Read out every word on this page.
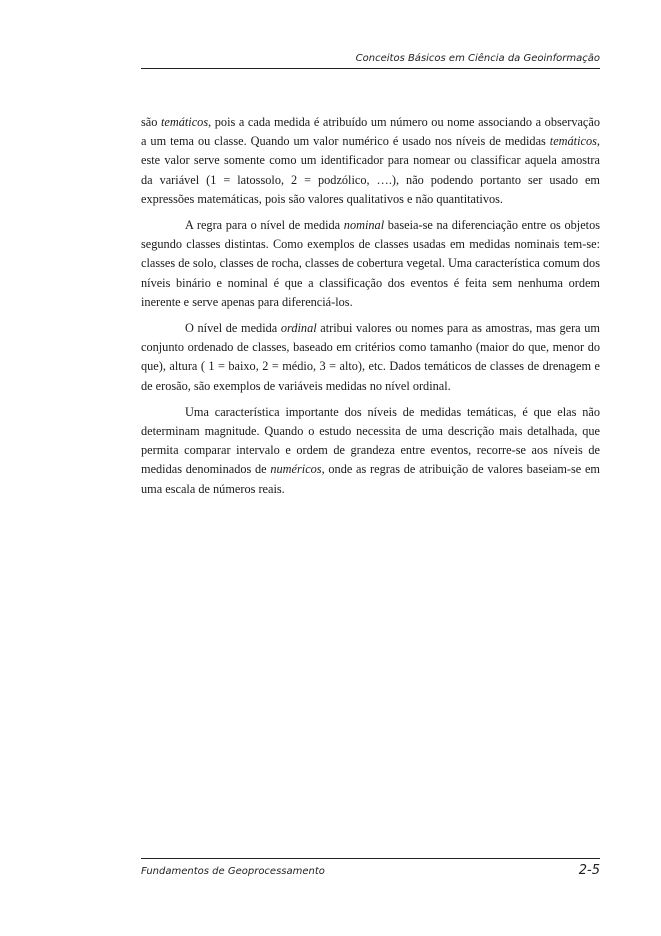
Conceitos Básicos em Ciência da Geoinformação

são temáticos, pois a cada medida é atribuído um número ou nome associando a observação a um tema ou classe. Quando um valor numérico é usado nos níveis de medidas temáticos, este valor serve somente como um identificador para nomear ou classificar aquela amostra da variável (1 = latossolo, 2 = podzólico, ….), não podendo portanto ser usado em expressões matemáticas, pois são valores qualitativos e não quantitativos.

A regra para o nível de medida nominal baseia-se na diferenciação entre os objetos segundo classes distintas. Como exemplos de classes usadas em medidas nominais tem-se: classes de solo, classes de rocha, classes de cobertura vegetal. Uma característica comum dos níveis binário e nominal é que a classificação dos eventos é feita sem nenhuma ordem inerente e serve apenas para diferenciá-los.

O nível de medida ordinal atribui valores ou nomes para as amostras, mas gera um conjunto ordenado de classes, baseado em critérios como tamanho (maior do que, menor do que), altura ( 1 = baixo, 2 = médio, 3 = alto), etc. Dados temáticos de classes de drenagem e de erosão, são exemplos de variáveis medidas no nível ordinal.

Uma característica importante dos níveis de medidas temáticas, é que elas não determinam magnitude. Quando o estudo necessita de uma descrição mais detalhada, que permita comparar intervalo e ordem de grandeza entre eventos, recorre-se aos níveis de medidas denominados de numéricos, onde as regras de atribuição de valores baseiam-se em uma escala de números reais.

Fundamentos de Geoprocessamento	2-5
